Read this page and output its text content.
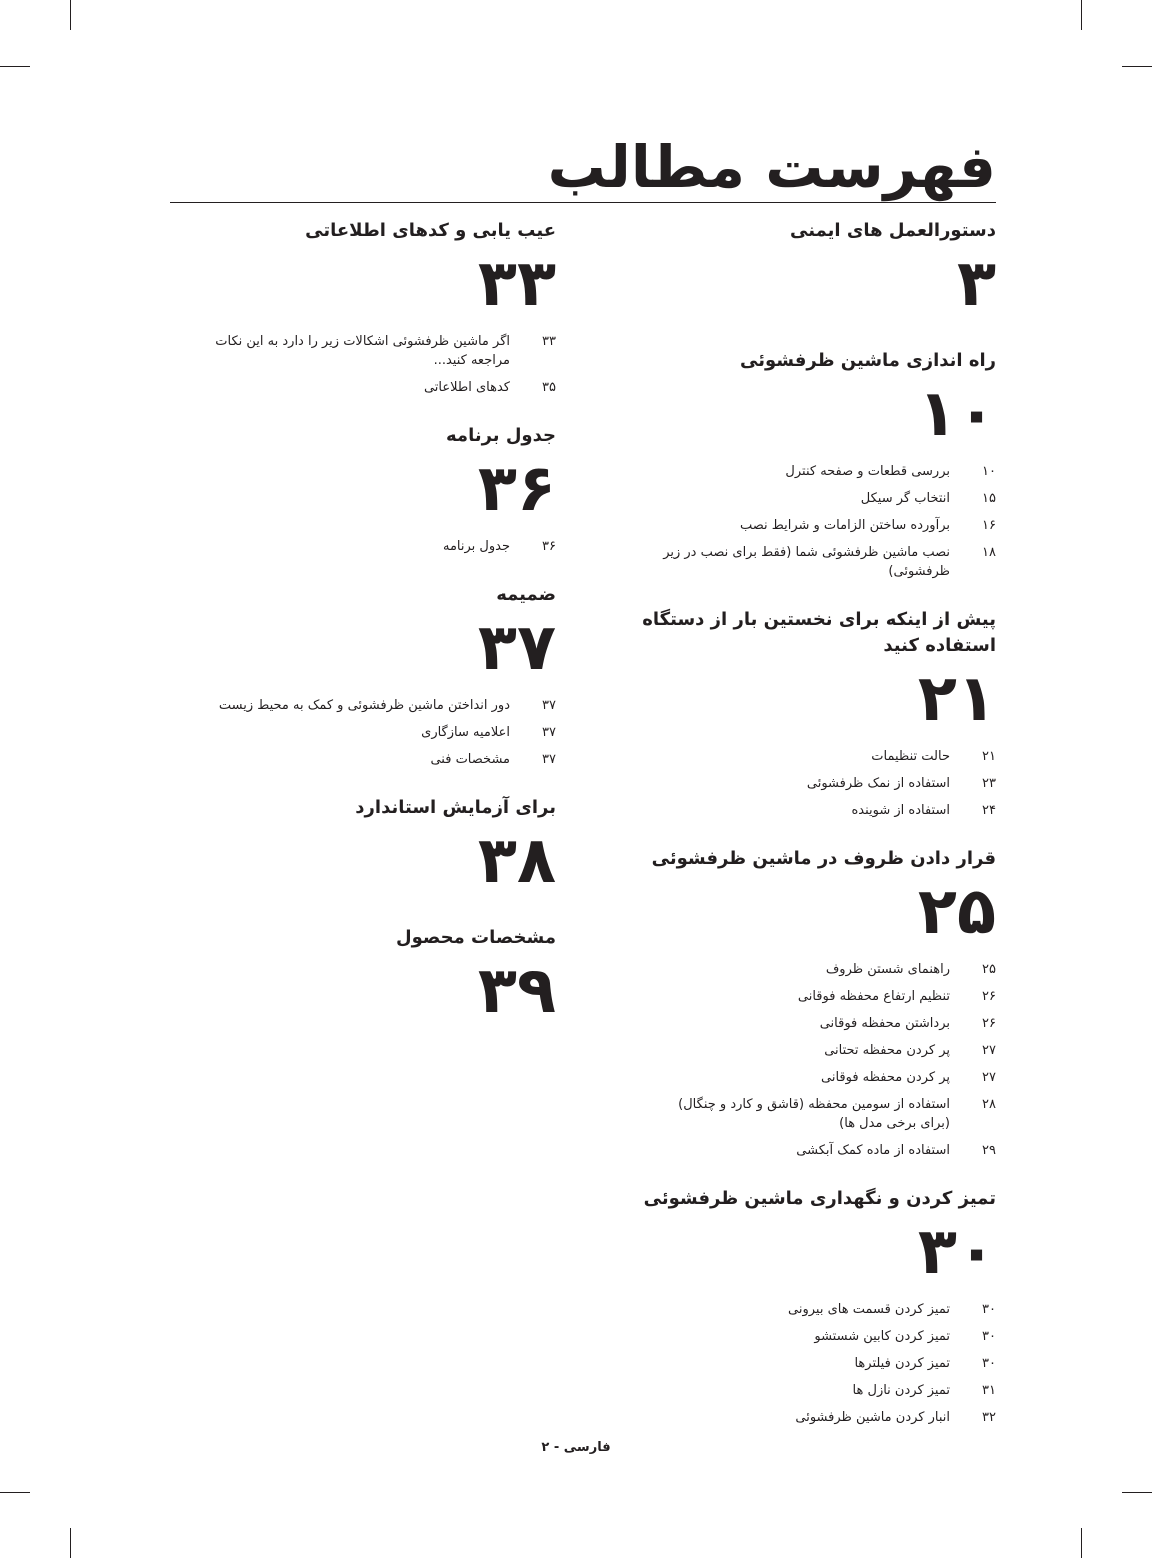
فهرست مطالب
دستورالعمل های ایمنی
۳
راه اندازی ماشین ظرفشوئی
۱۰
۱۰
بررسی قطعات و صفحه کنترل
۱۵
انتخاب گر سیکل
۱۶
برآورده ساختن الزامات و شرایط نصب
۱۸
نصب ماشین ظرفشوئی شما (فقط برای نصب در زیر ظرفشوئی)
پیش از اینکه برای نخستین بار از دستگاه استفاده کنید
۲۱
۲۱
حالت تنظیمات
۲۳
استفاده از نمک ظرفشوئی
۲۴
استفاده از شوینده
قرار دادن ظروف در ماشین ظرفشوئی
۲۵
۲۵
راهنمای شستن ظروف
۲۶
تنظیم ارتفاع محفظه فوقانی
۲۶
برداشتن محفظه فوقانی
۲۷
پر کردن محفظه تحتانی
۲۷
پر کردن محفظه فوقانی
۲۸
استفاده از سومین محفظه (قاشق و کارد و چنگال) (برای برخی مدل ها)
۲۹
استفاده از ماده کمک آبکشی
تمیز کردن و نگهداری ماشین ظرفشوئی
۳۰
۳۰
تمیز کردن قسمت های بیرونی
۳۰
تمیز کردن کابین شستشو
۳۰
تمیز کردن فیلترها
۳۱
تمیز کردن نازل ها
۳۲
انبار کردن ماشین ظرفشوئی
عیب یابی و کدهای اطلاعاتی
۳۳
۳۳
اگر ماشین ظرفشوئی اشکالات زیر را دارد به این نکات مراجعه کنید...
۳۵
کدهای اطلاعاتی
جدول برنامه
۳۶
۳۶
جدول برنامه
ضمیمه
۳۷
۳۷
دور انداختن ماشین ظرفشوئی و کمک به محیط زیست
۳۷
اعلامیه سازگاری
۳۷
مشخصات فنی
برای آزمایش استاندارد
۳۸
مشخصات محصول
۳۹
فارسی - ۲
